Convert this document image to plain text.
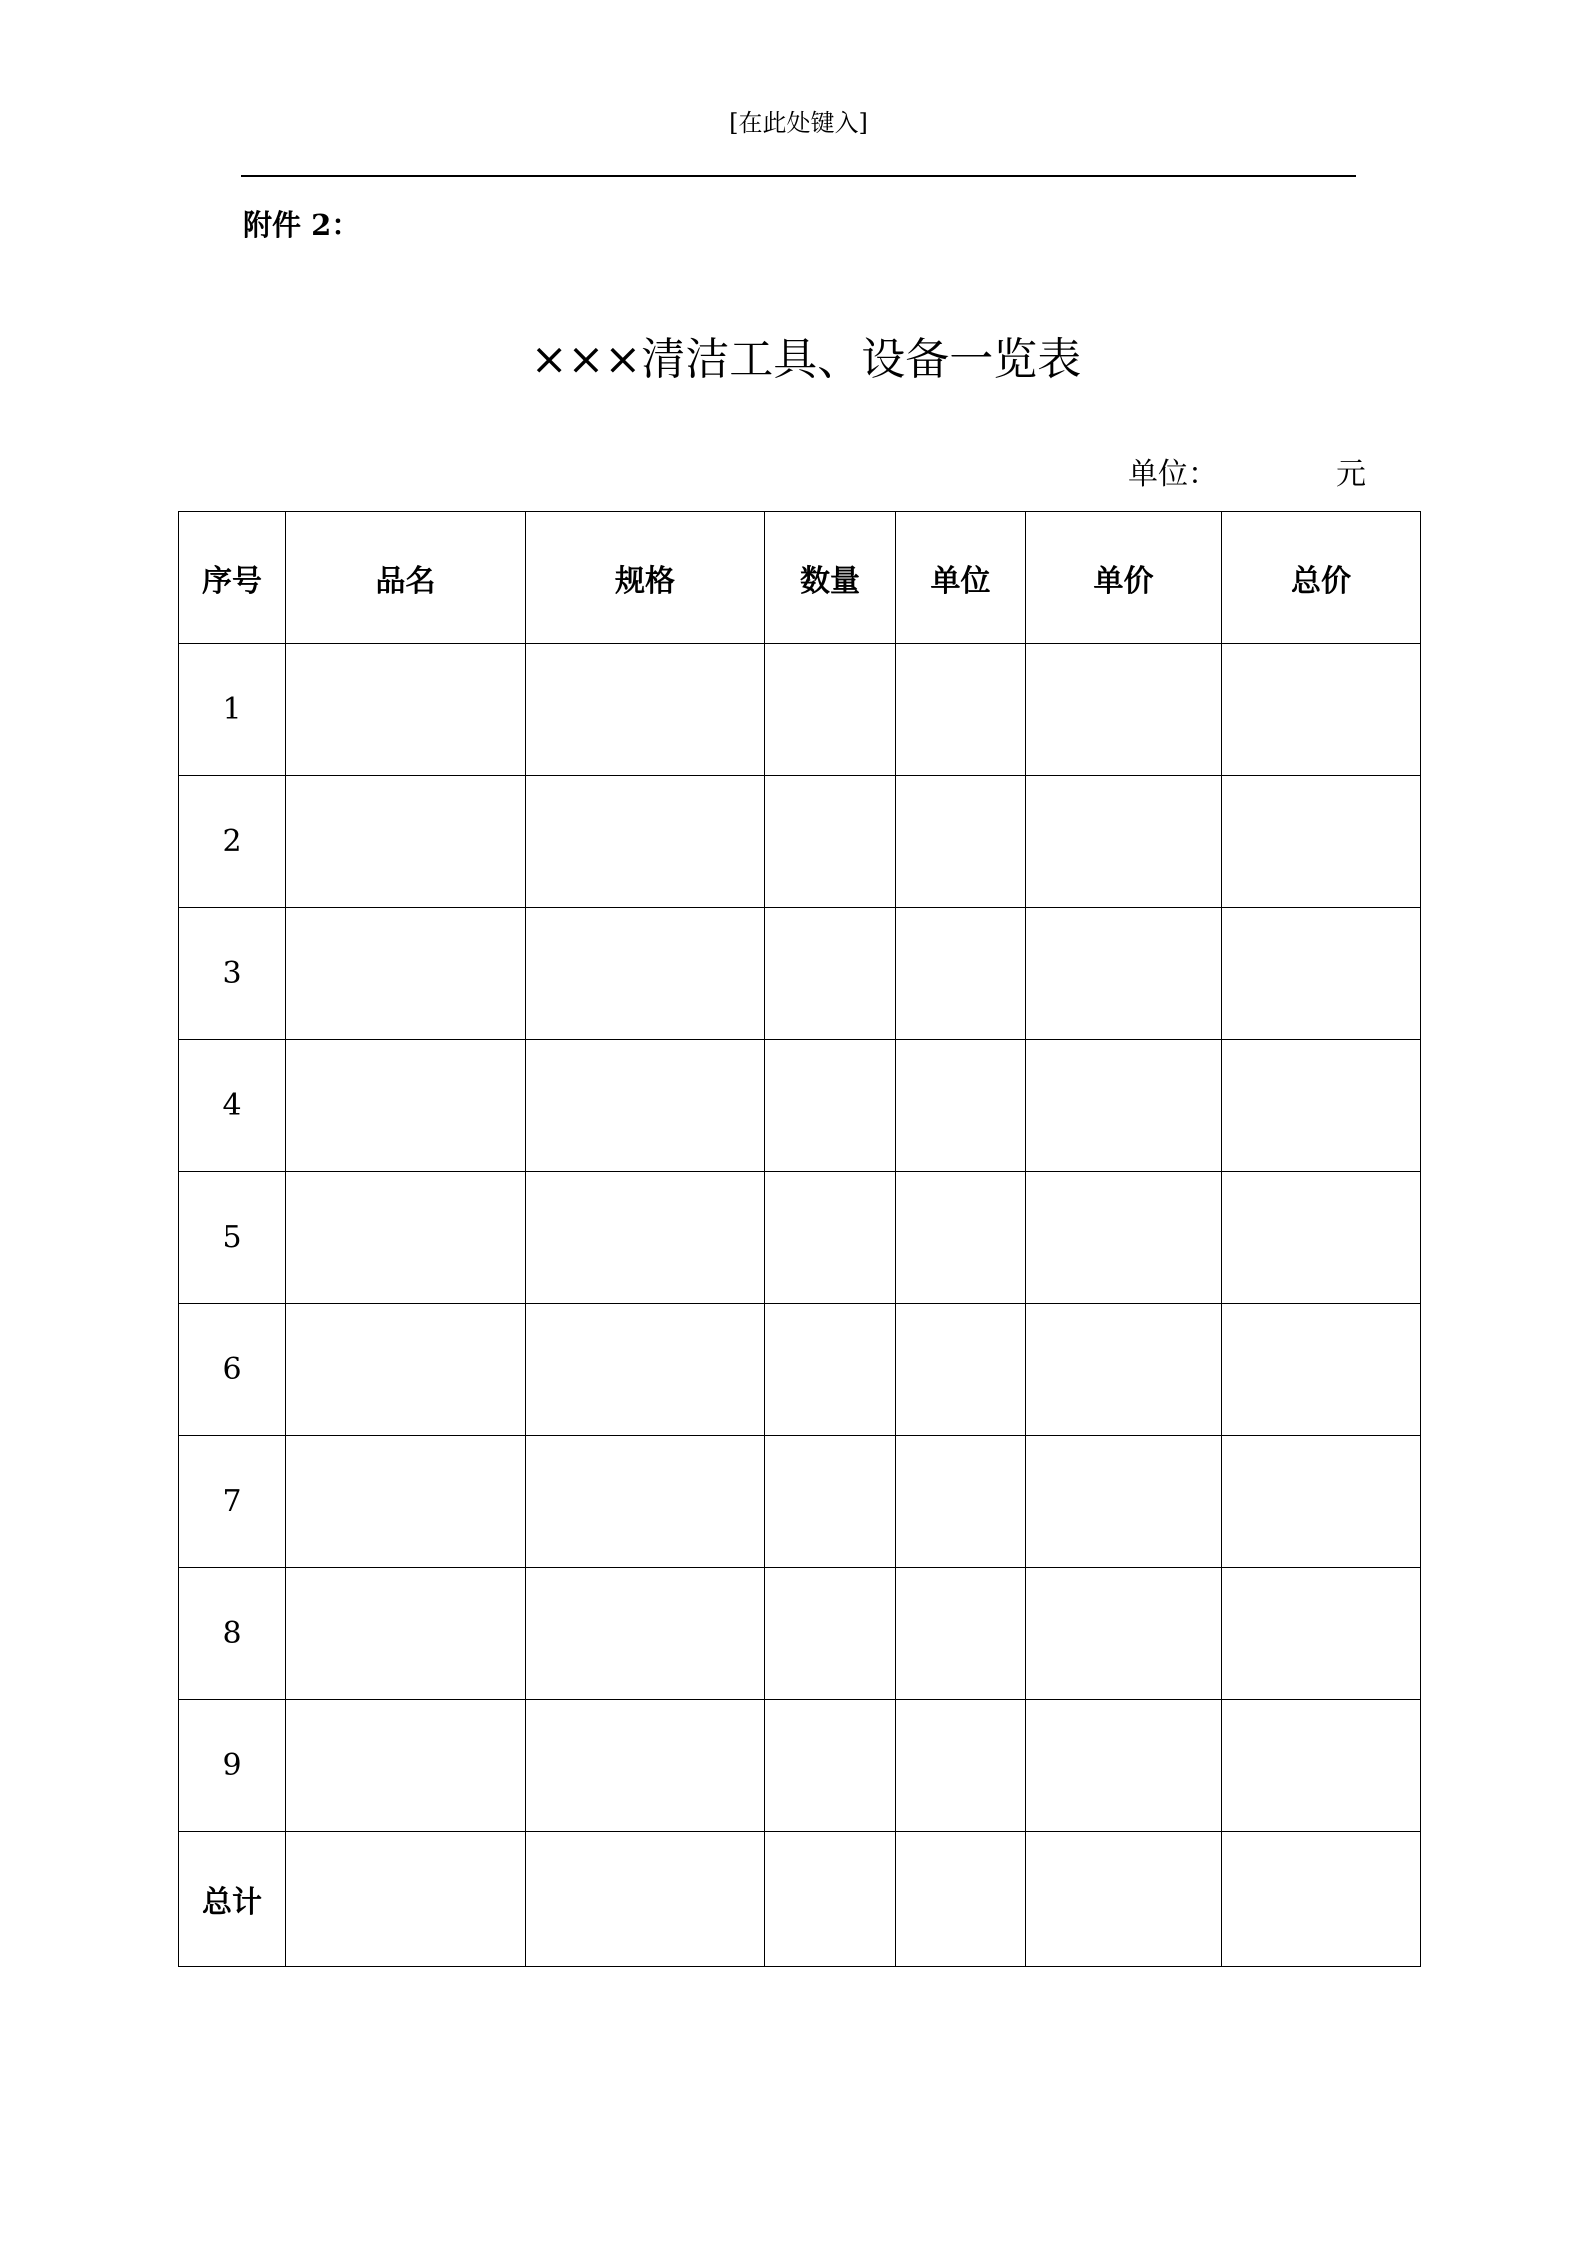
[在此处键入]
附件 2：
×××清洁工具、设备一览表
单位：	元
序号	品名	规格	数量	单位	单价	总价
1						
2						
3						
4						
5						
6						
7						
8						
9						
总计						
